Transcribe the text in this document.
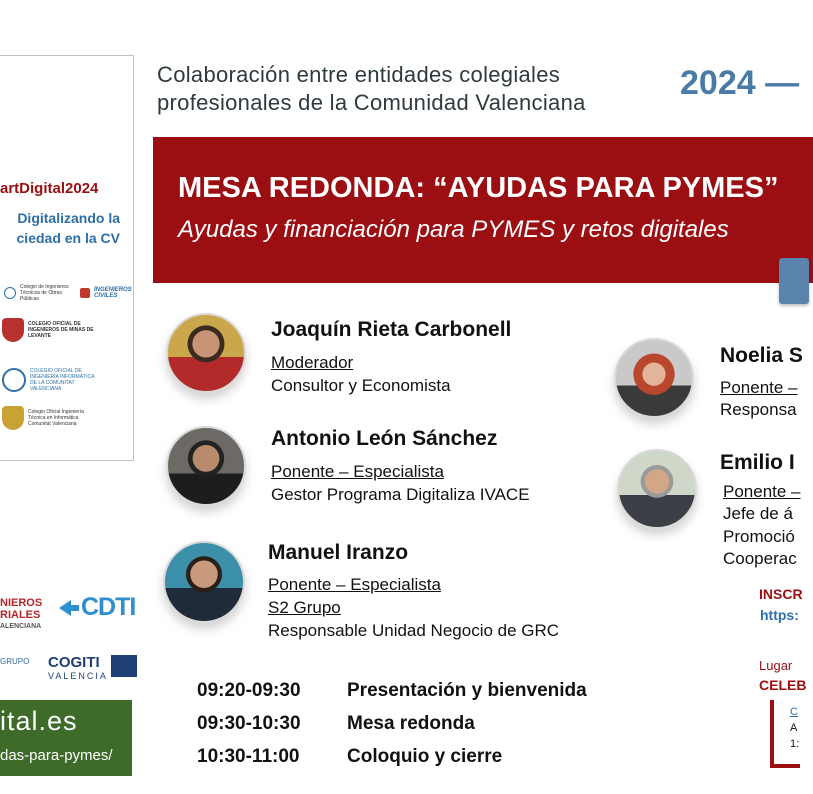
artDigital2024
Digitalizando la
ciedad en la CV
Colegio de Ingenieros Técnicos de Obras Públicas
INGENIEROS CIVILES
COLEGIO OFICIAL DE INGENIEROS DE MINAS DE LEVANTE
COLEGIO OFICIAL DE INGENIERÍA INFORMÁTICA DE LA COMUNITAT VALENCIANA
Colegio Oficial Ingeniería Técnica en Informática Comunitat Valenciana
NIEROS
RIALES
ALENCIANA
CDTI
GRUPO COGITI
VALENCIA
ital.es
das-para-pymes/
Colaboración entre entidades colegiales
profesionales de la Comunidad Valenciana
2024 —
MESA REDONDA: “AYUDAS PARA PYMES”
Ayudas y financiación para PYMES y retos digitales
Joaquín Rieta Carbonell
Moderador
Consultor y Economista
Antonio León Sánchez
Ponente – Especialista
Gestor Programa Digitaliza IVACE
Manuel Iranzo
Ponente – Especialista
S2 Grupo
Responsable Unidad Negocio de GRC
Noelia S
Ponente –
Responsa
Emilio I
Ponente –
Jefe de á
Promoció
Cooperac
09:20-09:30 Presentación y bienvenida
09:30-10:30 Mesa redonda
10:30-11:00	Coloquio y cierre
INSCR
https:
Lugar
CELEB
C
A
1:
